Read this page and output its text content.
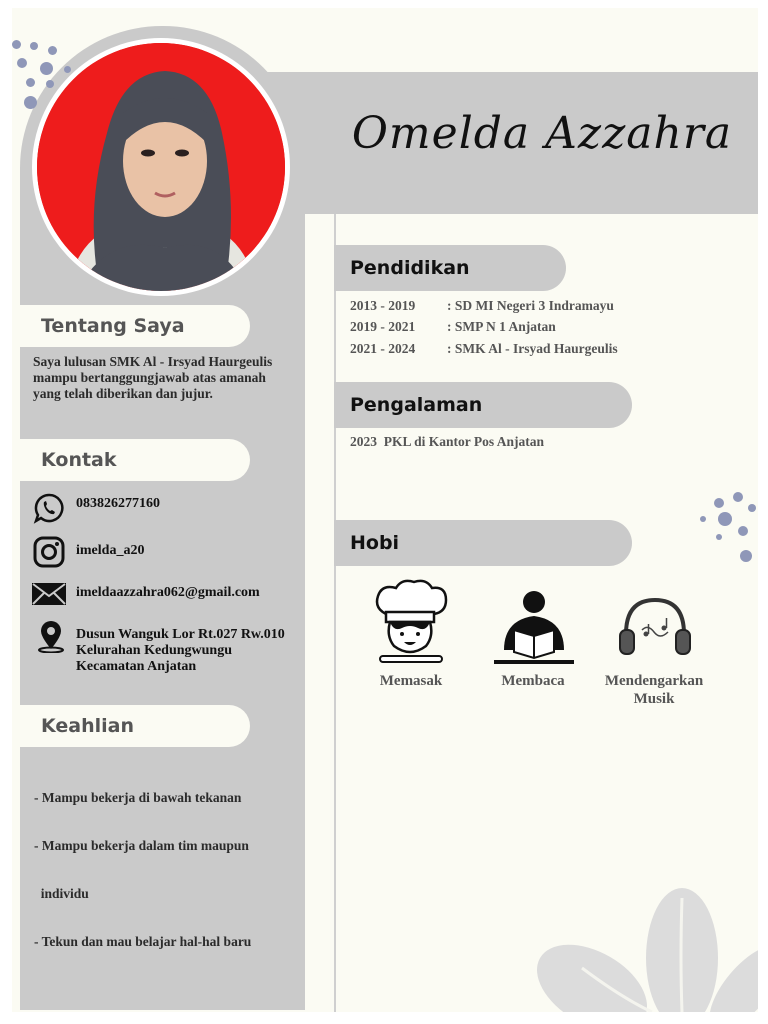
Omelda Azzahra
Tentang Saya
Saya lulusan SMK Al - Irsyad Haurgeulis
mampu bertanggungjawab atas amanah
yang telah diberikan dan jujur.
Kontak
083826277160
imelda_a20
imeldaazzahra062@gmail.com
Dusun Wanguk Lor Rt.027 Rw.010
Kelurahan Kedungwungu
Kecamatan Anjatan
Keahlian

- Mampu bekerja di bawah tekanan

- Mampu bekerja dalam tim maupun

individu

- Tekun dan mau belajar hal-hal baru

Pendidikan
2013 - 2019 : SD MI Negeri 3 Indramayu
2019 - 2021 : SMP N 1 Anjatan
2021 - 2024 : SMK Al - Irsyad Haurgeulis
Pengalaman
2023  PKL di Kantor Pos Anjatan
Hobi
Memasak	Membaca	Mendengarkan
Musik
